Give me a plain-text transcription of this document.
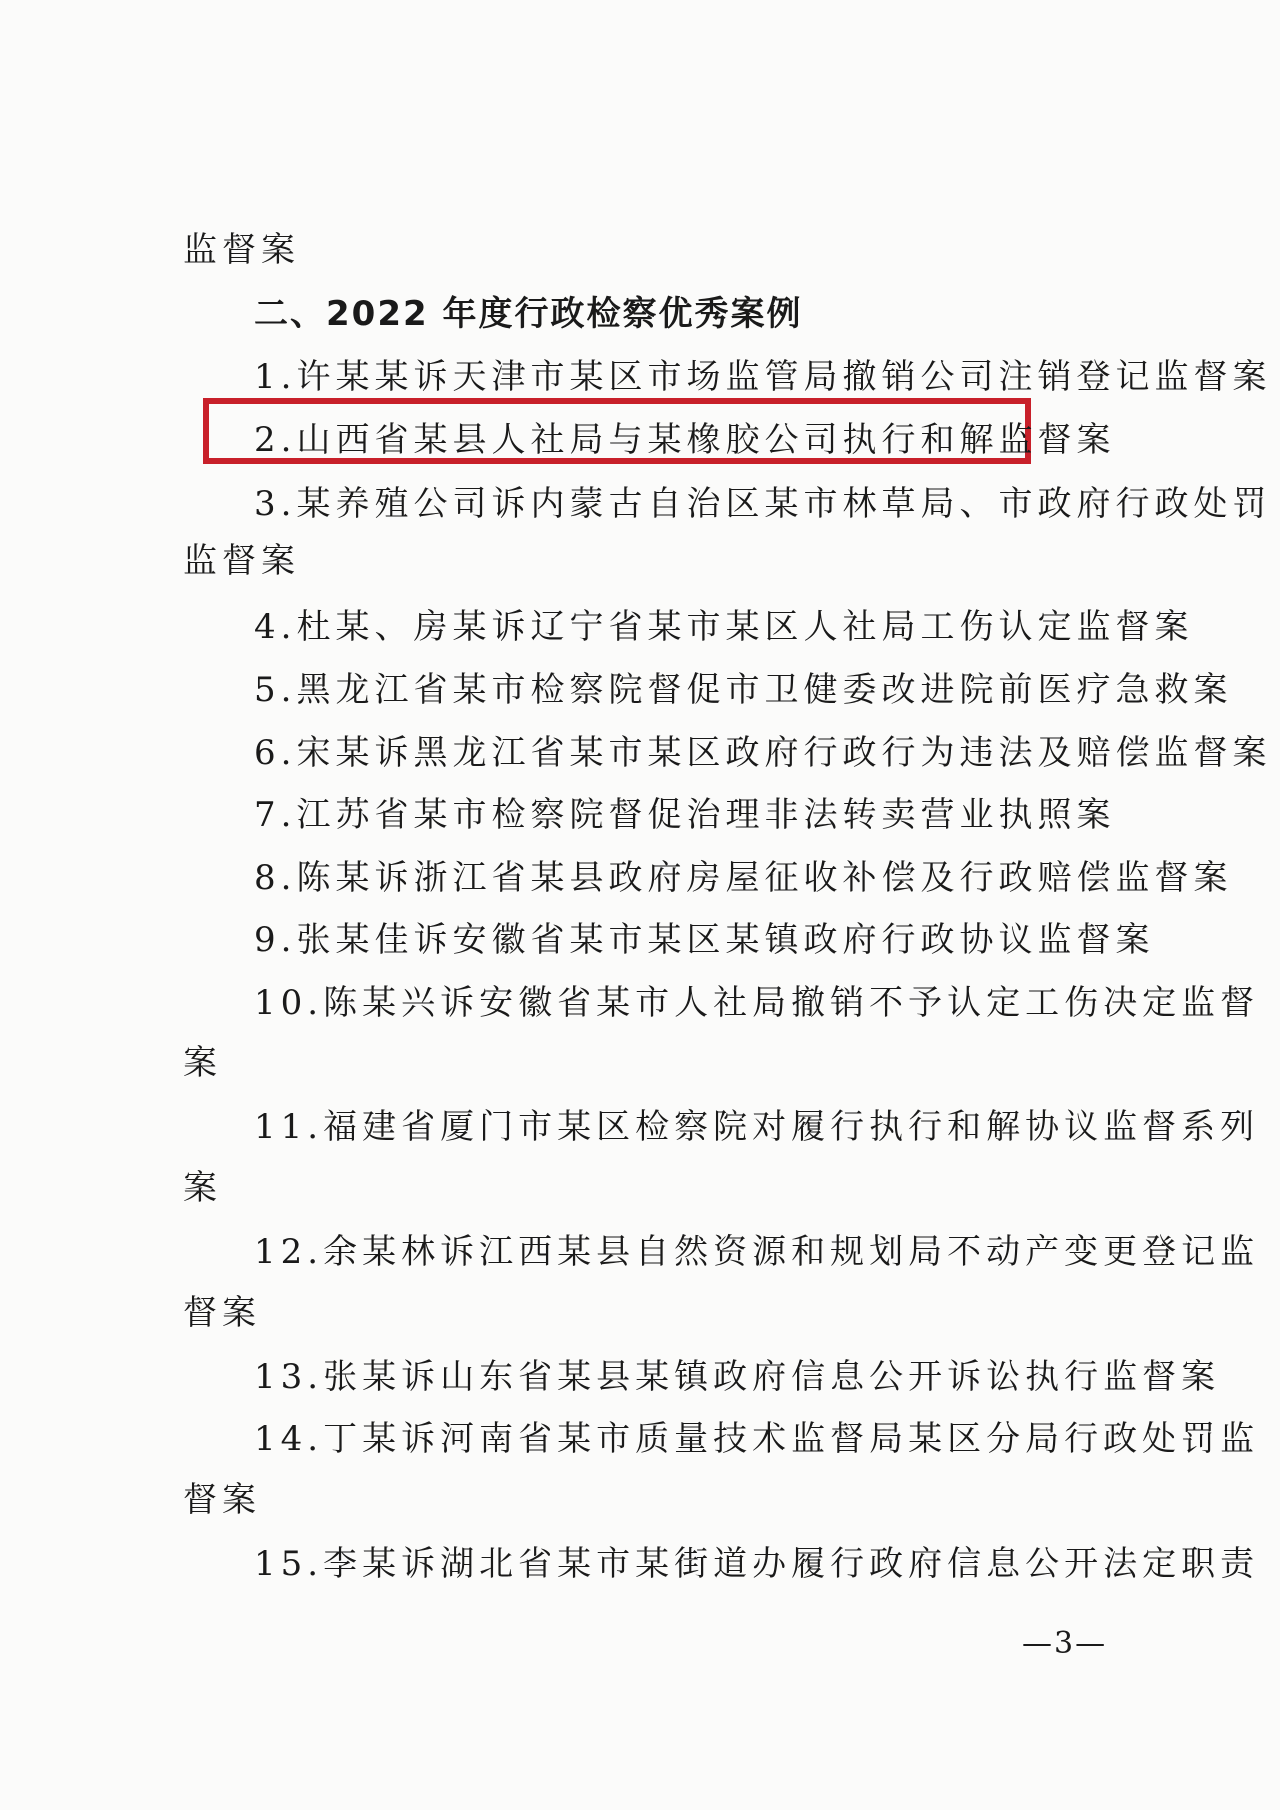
监督案
二、2022 年度行政检察优秀案例
1.许某某诉天津市某区市场监管局撤销公司注销登记监督案
2.山西省某县人社局与某橡胶公司执行和解监督案
3.某养殖公司诉内蒙古自治区某市林草局、市政府行政处罚
监督案
4.杜某、房某诉辽宁省某市某区人社局工伤认定监督案
5.黑龙江省某市检察院督促市卫健委改进院前医疗急救案
6.宋某诉黑龙江省某市某区政府行政行为违法及赔偿监督案
7.江苏省某市检察院督促治理非法转卖营业执照案
8.陈某诉浙江省某县政府房屋征收补偿及行政赔偿监督案
9.张某佳诉安徽省某市某区某镇政府行政协议监督案
10.陈某兴诉安徽省某市人社局撤销不予认定工伤决定监督
案
11.福建省厦门市某区检察院对履行执行和解协议监督系列
案
12.余某林诉江西某县自然资源和规划局不动产变更登记监
督案
13.张某诉山东省某县某镇政府信息公开诉讼执行监督案
14.丁某诉河南省某市质量技术监督局某区分局行政处罚监
督案
15.李某诉湖北省某市某街道办履行政府信息公开法定职责
—3—
